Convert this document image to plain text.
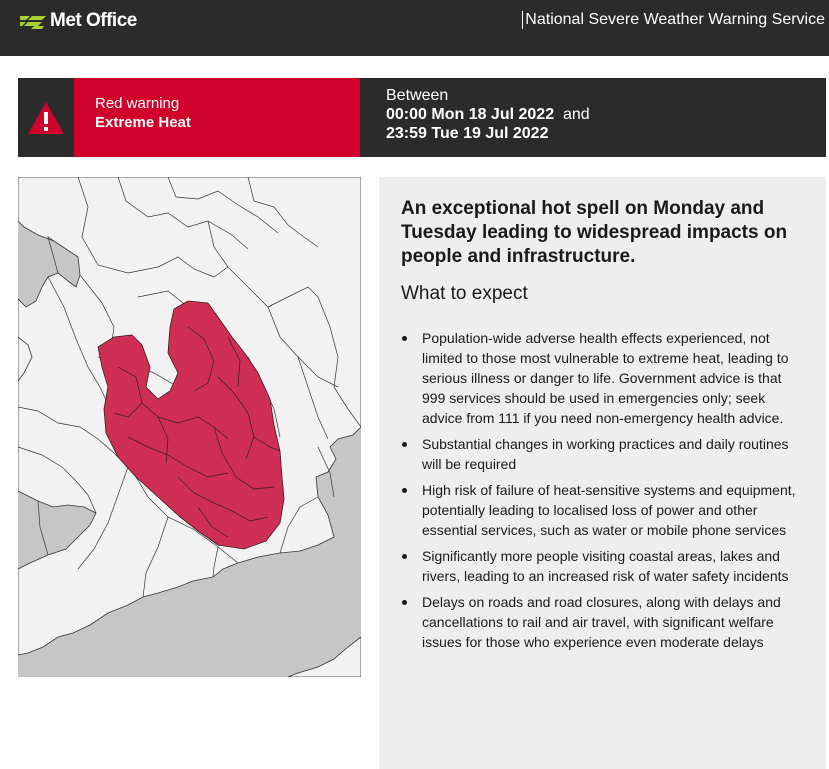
Met Office	National Severe Weather Warning Service
Red warning
Extreme Heat
Between
00:00 Mon 18 Jul 2022 and
23:59 Tue 19 Jul 2022
An exceptional hot spell on Monday and Tuesday leading to widespread impacts on people and infrastructure.
What to expect
Population-wide adverse health effects experienced, not limited to those most vulnerable to extreme heat, leading to serious illness or danger to life. Government advice is that 999 services should be used in emergencies only; seek advice from 111 if you need non-emergency health advice.
Substantial changes in working practices and daily routines will be required
High risk of failure of heat-sensitive systems and equipment, potentially leading to localised loss of power and other essential services, such as water or mobile phone services
Significantly more people visiting coastal areas, lakes and rivers, leading to an increased risk of water safety incidents
Delays on roads and road closures, along with delays and cancellations to rail and air travel, with significant welfare issues for those who experience even moderate delays
